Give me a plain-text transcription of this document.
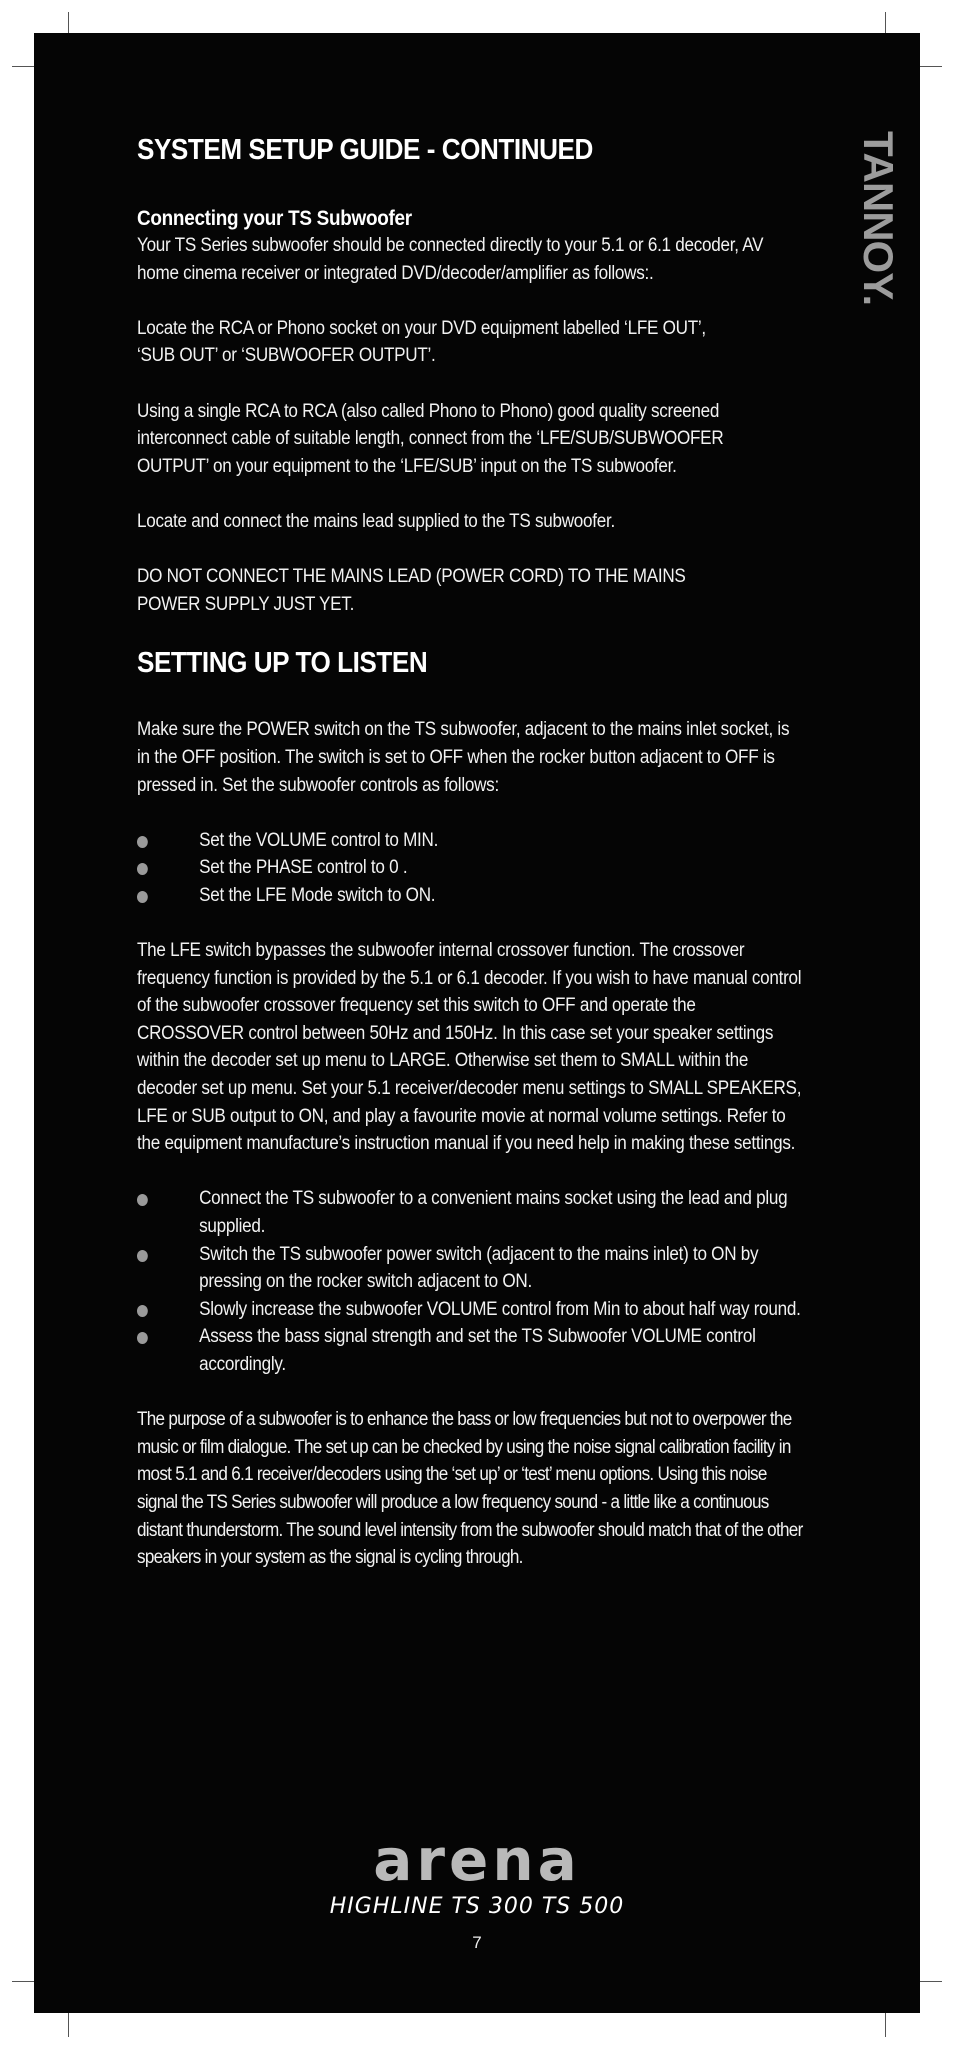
TANNOY.
SYSTEM SETUP GUIDE - CONTINUED
Connecting your TS Subwoofer

Your TS Series subwoofer should be connected directly to your 5.1 or 6.1 decoder, AV home cinema receiver or integrated DVD/decoder/amplifier as follows:.

Locate the RCA or Phono socket on your DVD equipment labelled ‘LFE OUT’, ‘SUB OUT’ or ‘SUBWOOFER OUTPUT’.

Using a single RCA to RCA (also called Phono to Phono) good quality screened interconnect cable of suitable length, connect from the ‘LFE/SUB/SUBWOOFER OUTPUT’ on your equipment to the ‘LFE/SUB’ input on the TS subwoofer.

Locate and connect the mains lead supplied to the TS subwoofer.

DO NOT CONNECT THE MAINS LEAD (POWER CORD) TO THE MAINS POWER SUPPLY JUST YET.

SETTING UP TO LISTEN

Make sure the POWER switch on the TS subwoofer, adjacent to the mains inlet socket, is in the OFF position. The switch is set to OFF when the rocker button adjacent to OFF is pressed in. Set the subwoofer controls as follows:

Set the VOLUME control to MIN.
Set the PHASE control to 0 .
Set the LFE Mode switch to ON.

The LFE switch bypasses the subwoofer internal crossover function. The crossover frequency function is provided by the 5.1 or 6.1 decoder. If you wish to have manual control of the subwoofer crossover frequency set this switch to OFF and operate the CROSSOVER control between 50Hz and 150Hz. In this case set your speaker settings within the decoder set up menu to LARGE. Otherwise set them to SMALL within the decoder set up menu. Set your 5.1 receiver/decoder menu settings to SMALL SPEAKERS, LFE or SUB output to ON, and play a favourite movie at normal volume settings. Refer to the equipment manufacture’s instruction manual if you need help in making these settings.

Connect the TS subwoofer to a convenient mains socket using the lead and plug supplied.
Switch the TS subwoofer power switch (adjacent to the mains inlet) to ON by pressing on the rocker switch adjacent to ON.
Slowly increase the subwoofer VOLUME control from Min to about half way round.
Assess the bass signal strength and set the TS Subwoofer VOLUME control accordingly.

The purpose of a subwoofer is to enhance the bass or low frequencies but not to overpower the music or film dialogue. The set up can be checked by using the noise signal calibration facility in most 5.1 and 6.1 receiver/decoders using the ‘set up’ or ‘test’ menu options. Using this noise signal the TS Series subwoofer will produce a low frequency sound - a little like a continuous distant thunderstorm. The sound level intensity from the subwoofer should match that of the other speakers in your system as the signal is cycling through.

arena
HIGHLINE TS 300 TS 500
7
